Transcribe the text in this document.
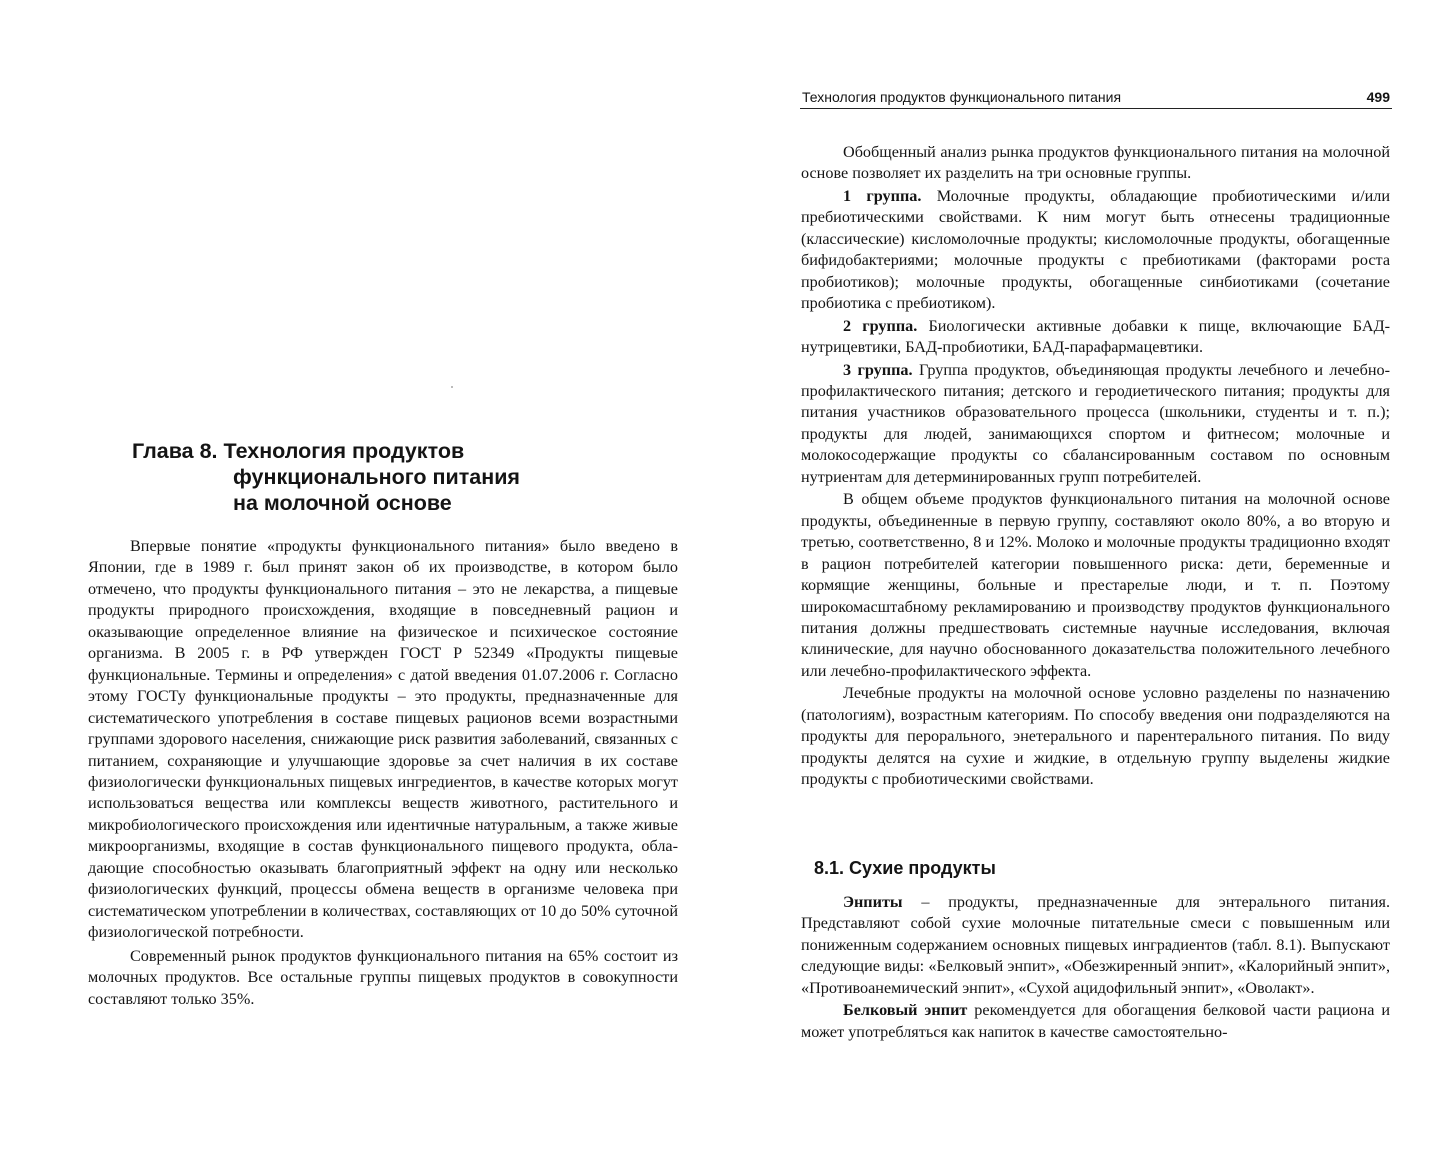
Глава 8. Технология продуктов
функционального питания
на молочной основе

Впервые понятие «продукты функционального питания» было введено в Японии, где в 1989 г. был принят закон об их производстве, в котором было отмечено, что продукты функционального питания – это не лекарства, а пищевые продукты природного происхождения, входящие в повседневный рацион и оказывающие определенное влияние на физическое и психическое состояние организма. В 2005 г. в РФ утвержден ГОСТ Р 52349 «Продукты пищевые функциональные. Термины и определения» с датой введения 01.07.2006 г. Согласно этому ГОСТу функциональные продукты – это продукты, предназначенные для систематического употребления в составе пищевых рационов всеми возрастными группами здорового населения, снижающие риск развития заболеваний, связанных с питанием, сохраняющие и улучшающие здоровье за счет наличия в их составе физиологически функциональных пищевых ингредиентов, в качестве которых могут использоваться вещества или комплексы веществ животного, растительного и микробиологического происхождения или идентичные натуральным, а также живые микроорганизмы, входящие в состав функционального пищевого продукта, обладающие способностью оказывать благоприятный эффект на одну или несколько физиологических функций, процессы обмена веществ в организме человека при систематическом употреблении в количествах, составляющих от 10 до 50% суточной физиологической потребности.

Современный рынок продуктов функционального питания на 65% состоит из молочных продуктов. Все остальные группы пищевых продуктов в совокупности составляют только 35%.

Технология продуктов функционального питания	499

Обобщенный анализ рынка продуктов функционального питания на молочной основе позволяет их разделить на три основные группы.

1 группа. Молочные продукты, обладающие пробиотическими и/или пребиотическими свойствами. К ним могут быть отнесены традиционные (классические) кисломолочные продукты; кисломолочные продукты, обогащенные бифидобактериями; молочные продукты с пребиотиками (факторами роста пробиотиков); молочные продукты, обогащенные синбиотиками (сочетание пробиотика с пребиотиком).

2 группа. Биологически активные добавки к пище, включающие БАД-нутрицевтики, БАД-пробиотики, БАД-парафармацевтики.

3 группа. Группа продуктов, объединяющая продукты лечебного и лечебно-профилактического питания; детского и геродиетического питания; продукты для питания участников образовательного процесса (школьники, студенты и т. п.); продукты для людей, занимающихся спортом и фитнесом; молочные и молокосодержащие продукты со сбалансированным составом по основным нутриентам для детерминированных групп потребителей.

В общем объеме продуктов функционального питания на молочной основе продукты, объединенные в первую группу, составляют около 80%, а во вторую и третью, соответственно, 8 и 12%. Молоко и молочные продукты традиционно входят в рацион потребителей категории повышенного риска: дети, беременные и кормящие женщины, больные и престарелые люди, и т. п. Поэтому широкомасштабному рекламированию и производству продуктов функционального питания должны предшествовать системные научные исследования, включая клинические, для научно обоснованного доказательства положительного лечебного или лечебно-профилактического эффекта.

Лечебные продукты на молочной основе условно разделены по назначению (патологиям), возрастным категориям. По способу введения они подразделяются на продукты для перорального, энетерального и парентерального питания. По виду продукты делятся на сухие и жидкие, в отдельную группу выделены жидкие продукты с пробиотическими свойствами.

8.1. Сухие продукты

Энпиты – продукты, предназначенные для энтерального питания. Представляют собой сухие молочные питательные смеси с повышенным или пониженным содержанием основных пищевых инградиентов (табл. 8.1). Выпускают следующие виды: «Белковый энпит», «Обезжиренный энпит», «Калорийный энпит», «Противоанемический энпит», «Сухой ацидофильный энпит», «Оволакт».

Белковый энпит рекомендуется для обогащения белковой части рациона и может употребляться как напиток в качестве самостоятельно-
